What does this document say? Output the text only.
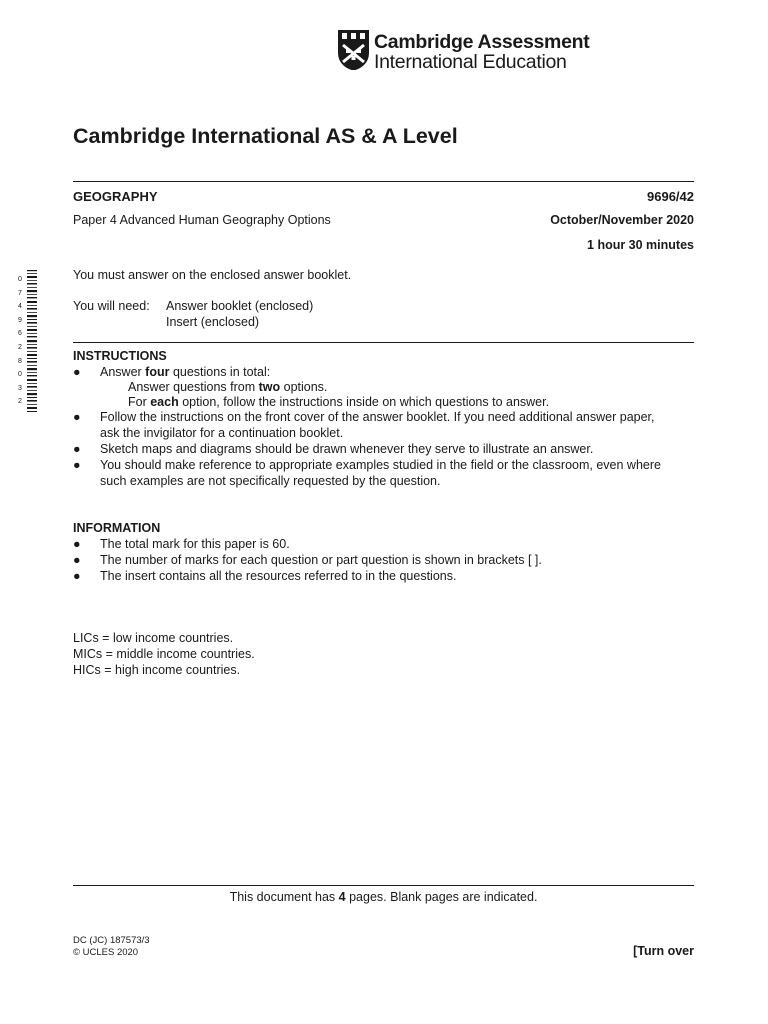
Cambridge Assessment
International Education
Cambridge International AS & A Level
GEOGRAPHY	9696/42
Paper 4 Advanced Human Geography Options	October/November 2020
1 hour 30 minutes
0 7 4 9 6 2 8 0 3 2
You must answer on the enclosed answer booklet.
You will need: Answer booklet (enclosed)
Insert (enclosed)
INSTRUCTIONS
● Answer four questions in total:
Answer questions from two options.
For each option, follow the instructions inside on which questions to answer.
● Follow the instructions on the front cover of the answer booklet. If you need additional answer paper,
ask the invigilator for a continuation booklet.
● Sketch maps and diagrams should be drawn whenever they serve to illustrate an answer.
● You should make reference to appropriate examples studied in the field or the classroom, even where
such examples are not specifically requested by the question.
INFORMATION
● The total mark for this paper is 60.
● The number of marks for each question or part question is shown in brackets [ ].
● The insert contains all the resources referred to in the questions.
LICs = low income countries.
MICs = middle income countries.
HICs = high income countries.
This document has 4 pages. Blank pages are indicated.
DC (JC) 187573/3
© UCLES 2020	[Turn over
